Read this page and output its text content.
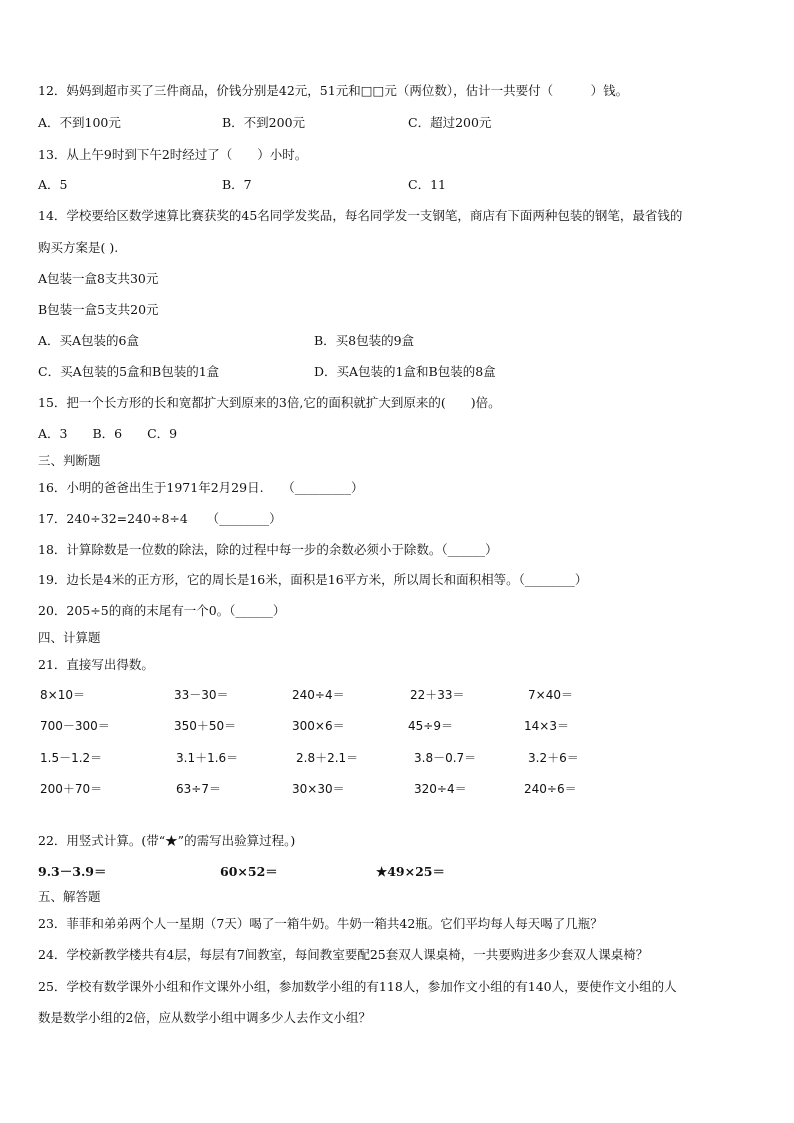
12．妈妈到超市买了三件商品，价钱分别是42元，51元和□□元（两位数），估计一共要付（　　　）钱。
A．不到100元	B．不到200元	C．超过200元
13．从上午9时到下午2时经过了（　　）小时。
A．5	B．7	C．11
14．学校要给区数学速算比赛获奖的45名同学发奖品，每名同学发一支钢笔，商店有下面两种包装的钢笔，最省钱的
购买方案是( ).
A包装一盒8支共30元
B包装一盒5支共20元
A．买A包装的6盒	B．买8包装的9盒
C．买A包装的5盒和B包装的1盒	D．买A包装的1盒和B包装的8盒
15．把一个长方形的长和宽都扩大到原来的3倍,它的面积就扩大到原来的(　　)倍。
A．3　　B．6　　C．9
三、判断题
16．小明的爸爸出生于1971年2月29日.　　（_________）
17．240÷32=240÷8÷4　　（________）
18．计算除数是一位数的除法，除的过程中每一步的余数必须小于除数。（______）
19．边长是4米的正方形，它的周长是16米，面积是16平方米，所以周长和面积相等。（________）
20．205÷5的商的末尾有一个0。（______）
四、计算题
21．直接写出得数。
8×10＝	33－30＝	240÷4＝	22＋33＝	7×40＝
700－300＝	350＋50＝	300×6＝	45÷9＝	14×3＝
1.5－1.2＝	3.1＋1.6＝	2.8＋2.1＝	3.8－0.7＝	3.2＋6＝
200＋70＝	63÷7＝	30×30＝	320÷4＝	240÷6＝
22．用竖式计算。(带“★”的需写出验算过程。)
9.3－3.9＝	60×52＝	★49×25＝
五、解答题
23．菲菲和弟弟两个人一星期（7天）喝了一箱牛奶。牛奶一箱共42瓶。它们平均每人每天喝了几瓶？
24．学校新教学楼共有4层，每层有7间教室，每间教室要配25套双人课桌椅，一共要购进多少套双人课桌椅？
25．学校有数学课外小组和作文课外小组，参加数学小组的有118人，参加作文小组的有140人，要使作文小组的人
数是数学小组的2倍，应从数学小组中调多少人去作文小组？
